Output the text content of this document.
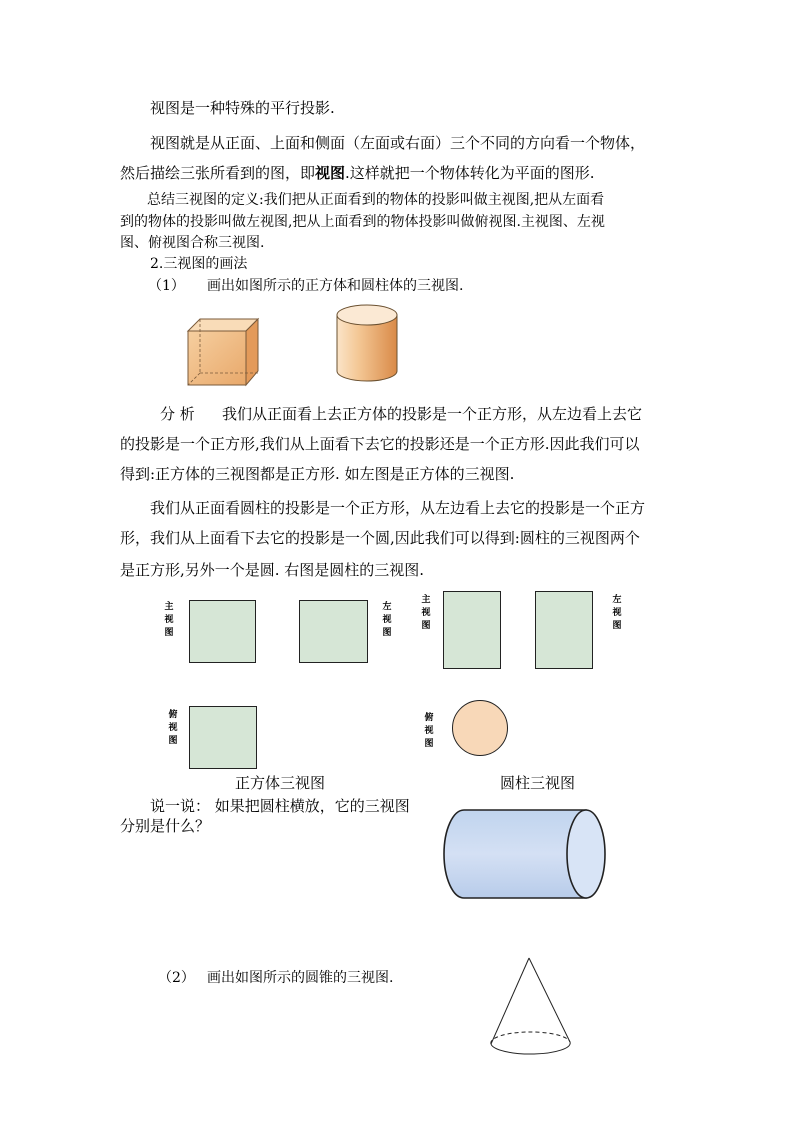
视图是一种特殊的平行投影.
视图就是从正面、上面和侧面（左面或右面）三个不同的方向看一个物体，
然后描绘三张所看到的图，即视图.这样就把一个物体转化为平面的图形.
总结三视图的定义:我们把从正面看到的物体的投影叫做主视图,把从左面看
到的物体的投影叫做左视图,把从上面看到的物体投影叫做俯视图.主视图、左视
图、俯视图合称三视图.
2.三视图的画法
（1） 画出如图所示的正方体和圆柱体的三视图.
分 析 我们从正面看上去正方体的投影是一个正方形，从左边看上去它
的投影是一个正方形,我们从上面看下去它的投影还是一个正方形.因此我们可以
得到:正方体的三视图都是正方形. 如左图是正方体的三视图.
我们从正面看圆柱的投影是一个正方形，从左边看上去它的投影是一个正方
形，我们从上面看下去它的投影是一个圆,因此我们可以得到:圆柱的三视图两个
是正方形,另外一个是圆. 右图是圆柱的三视图.
主视图
左视图
俯视图
正方体三视图
主视图
左视图
俯视图
圆柱三视图
说一说： 如果把圆柱横放，它的三视图
分别是什么？
（2） 画出如图所示的圆锥的三视图.
